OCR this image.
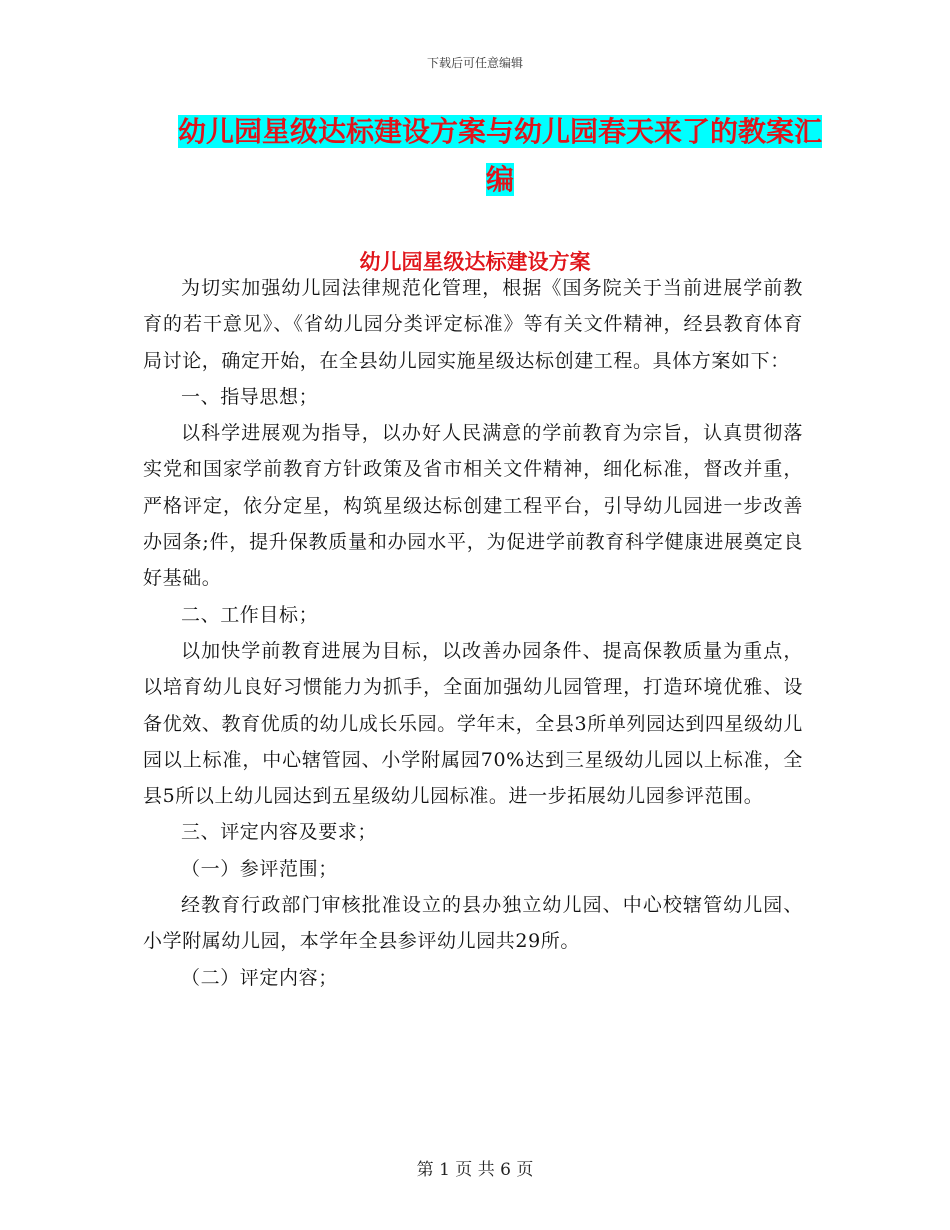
下载后可任意编辑
幼儿园星级达标建设方案与幼儿园春天来了的教案汇
编
幼儿园星级达标建设方案

为切实加强幼儿园法律规范化管理，根据《国务院关于当前进展学前教育的若干意见》、《省幼儿园分类评定标准》等有关文件精神，经县教育体育局讨论，确定开始，在全县幼儿园实施星级达标创建工程。具体方案如下：

一、指导思想；

以科学进展观为指导，以办好人民满意的学前教育为宗旨，认真贯彻落实党和国家学前教育方针政策及省市相关文件精神，细化标准，督改并重，严格评定，依分定星，构筑星级达标创建工程平台，引导幼儿园进一步改善办园条;件，提升保教质量和办园水平，为促进学前教育科学健康进展奠定良好基础。

二、工作目标；

以加快学前教育进展为目标，以改善办园条件、提高保教质量为重点，以培育幼儿良好习惯能力为抓手，全面加强幼儿园管理，打造环境优雅、设备优效、教育优质的幼儿成长乐园。学年末，全县3所单列园达到四星级幼儿园以上标准，中心辖管园、小学附属园70%达到三星级幼儿园以上标准，全县5所以上幼儿园达到五星级幼儿园标准。进一步拓展幼儿园参评范围。

三、评定内容及要求；

（一）参评范围；

经教育行政部门审核批准设立的县办独立幼儿园、中心校辖管幼儿园、小学附属幼儿园，本学年全县参评幼儿园共29所。

（二）评定内容；

第 1 页 共 6 页
